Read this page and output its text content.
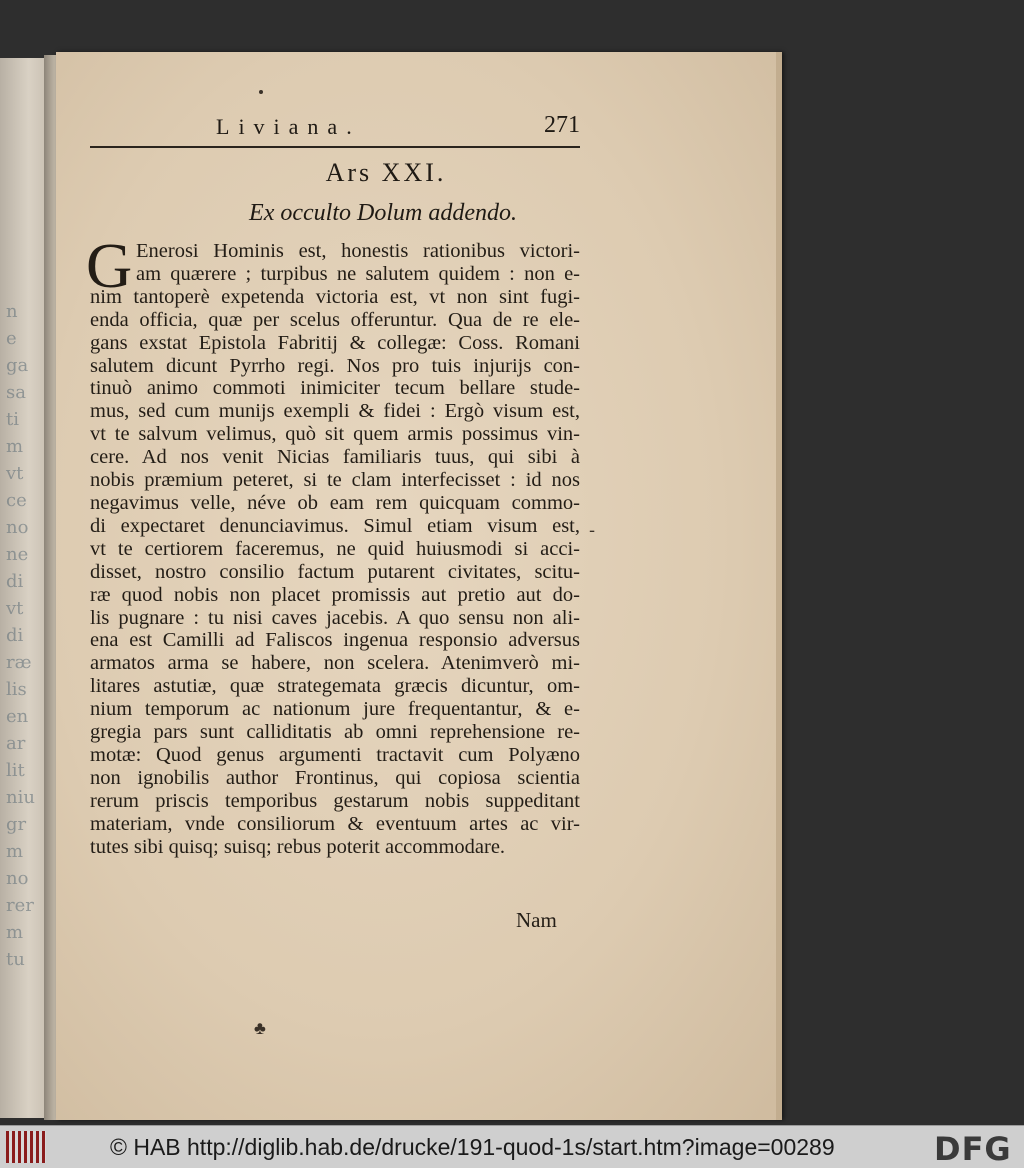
n
e
ga
sa
ti
m
vt
ce
no
ne
di
vt
di
ræ
lis
en
ar
lit
niu
gr
m
no
rer
m
tu
Liviana.	271
Ars XXI.
Ex occulto Dolum addendo.
G Enerosi Hominis est, honestis rationibus victori-
am quærere ; turpibus ne salutem quidem : non e-
nim tantoperè expetenda victoria est, vt non sint fugi-
enda officia, quæ per scelus offeruntur. Qua de re ele-
gans exstat Epistola Fabritij & collegæ: Coss. Romani
salutem dicunt Pyrrho regi. Nos pro tuis injurijs con-
tinuò animo commoti inimiciter tecum bellare stude-
mus, sed cum munijs exempli & fidei : Ergò visum est,
vt te salvum velimus, quò sit quem armis possimus vin-
cere. Ad nos venit Nicias familiaris tuus, qui sibi à
nobis præmium peteret, si te clam interfecisset : id nos
negavimus velle, néve ob eam rem quicquam commo-
di expectaret denunciavimus. Simul etiam visum est,
vt te certiorem faceremus, ne quid huiusmodi si acci-
disset, nostro consilio factum putarent civitates, scitu-
ræ quod nobis non placet promissis aut pretio aut do-
lis pugnare : tu nisi caves jacebis. A quo sensu non ali-
ena est Camilli ad Faliscos ingenua responsio adversus
armatos arma se habere, non scelera. Atenimverò mi-
litares astutiæ, quæ strategemata græcis dicuntur, om-
nium temporum ac nationum jure frequentantur, & e-
gregia pars sunt calliditatis ab omni reprehensione re-
motæ: Quod genus argumenti tractavit cum Polyæno
non ignobilis author Frontinus, qui copiosa scientia
rerum priscis temporibus gestarum nobis suppeditant
materiam, vnde consiliorum & eventuum artes ac vir-
tutes sibi quisq; suisq; rebus poterit accommodare.
Nam
-
♣
© HAB http://diglib.hab.de/drucke/191-quod-1s/start.htm?image=00289	DFG
